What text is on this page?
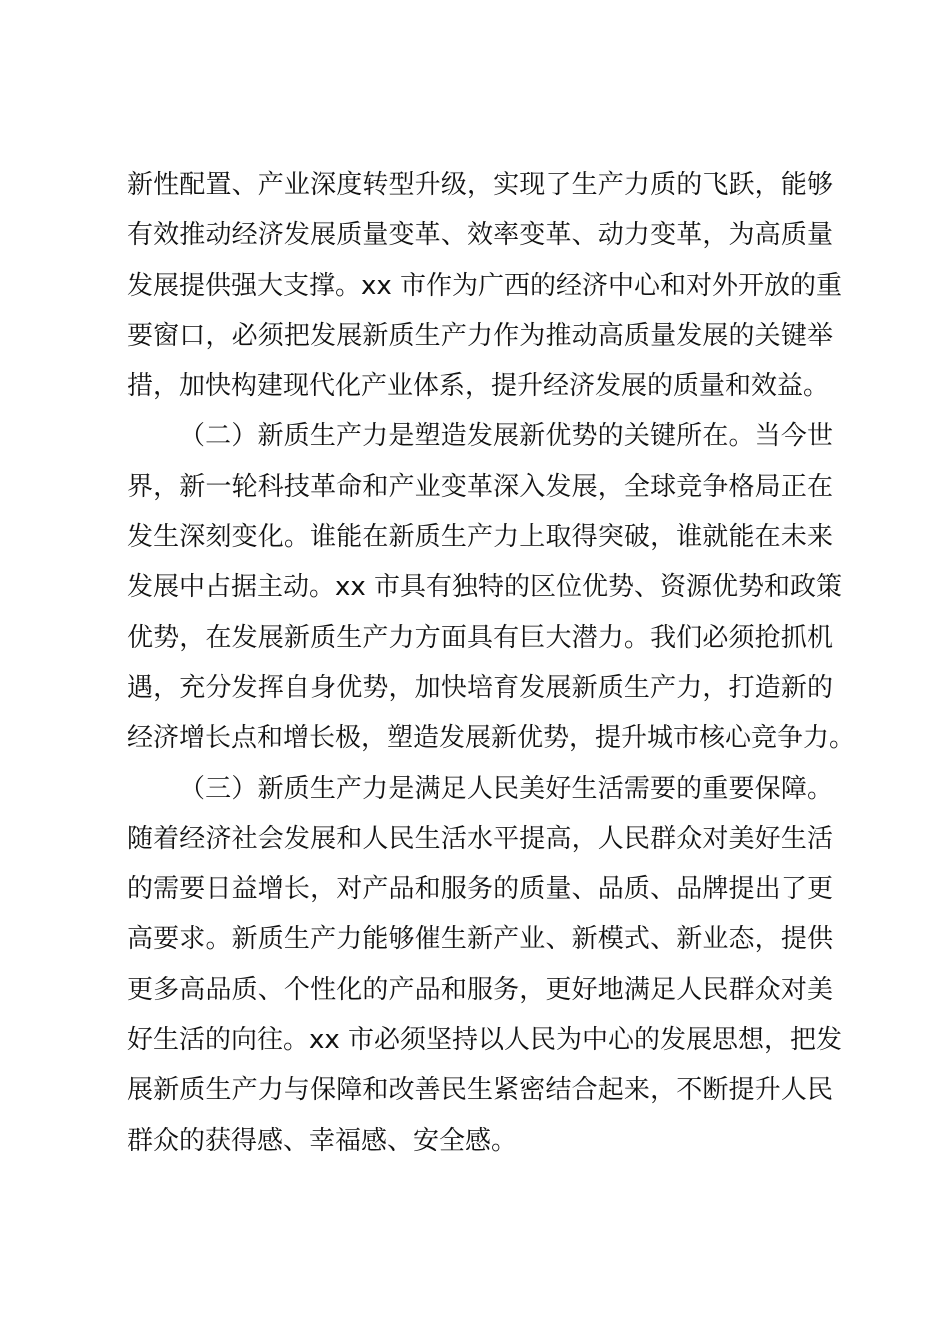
新性配置、产业深度转型升级，实现了生产力质的飞跃，能够
有效推动经济发展质量变革、效率变革、动力变革，为高质量
发展提供强大支撑。xx 市作为广西的经济中心和对外开放的重
要窗口，必须把发展新质生产力作为推动高质量发展的关键举
措，加快构建现代化产业体系，提升经济发展的质量和效益。
（二）新质生产力是塑造发展新优势的关键所在。当今世
界，新一轮科技革命和产业变革深入发展，全球竞争格局正在
发生深刻变化。谁能在新质生产力上取得突破，谁就能在未来
发展中占据主动。xx 市具有独特的区位优势、资源优势和政策
优势，在发展新质生产力方面具有巨大潜力。我们必须抢抓机
遇，充分发挥自身优势，加快培育发展新质生产力，打造新的
经济增长点和增长极，塑造发展新优势，提升城市核心竞争力。
（三）新质生产力是满足人民美好生活需要的重要保障。
随着经济社会发展和人民生活水平提高，人民群众对美好生活
的需要日益增长，对产品和服务的质量、品质、品牌提出了更
高要求。新质生产力能够催生新产业、新模式、新业态，提供
更多高品质、个性化的产品和服务，更好地满足人民群众对美
好生活的向往。xx 市必须坚持以人民为中心的发展思想，把发
展新质生产力与保障和改善民生紧密结合起来，不断提升人民
群众的获得感、幸福感、安全感。
